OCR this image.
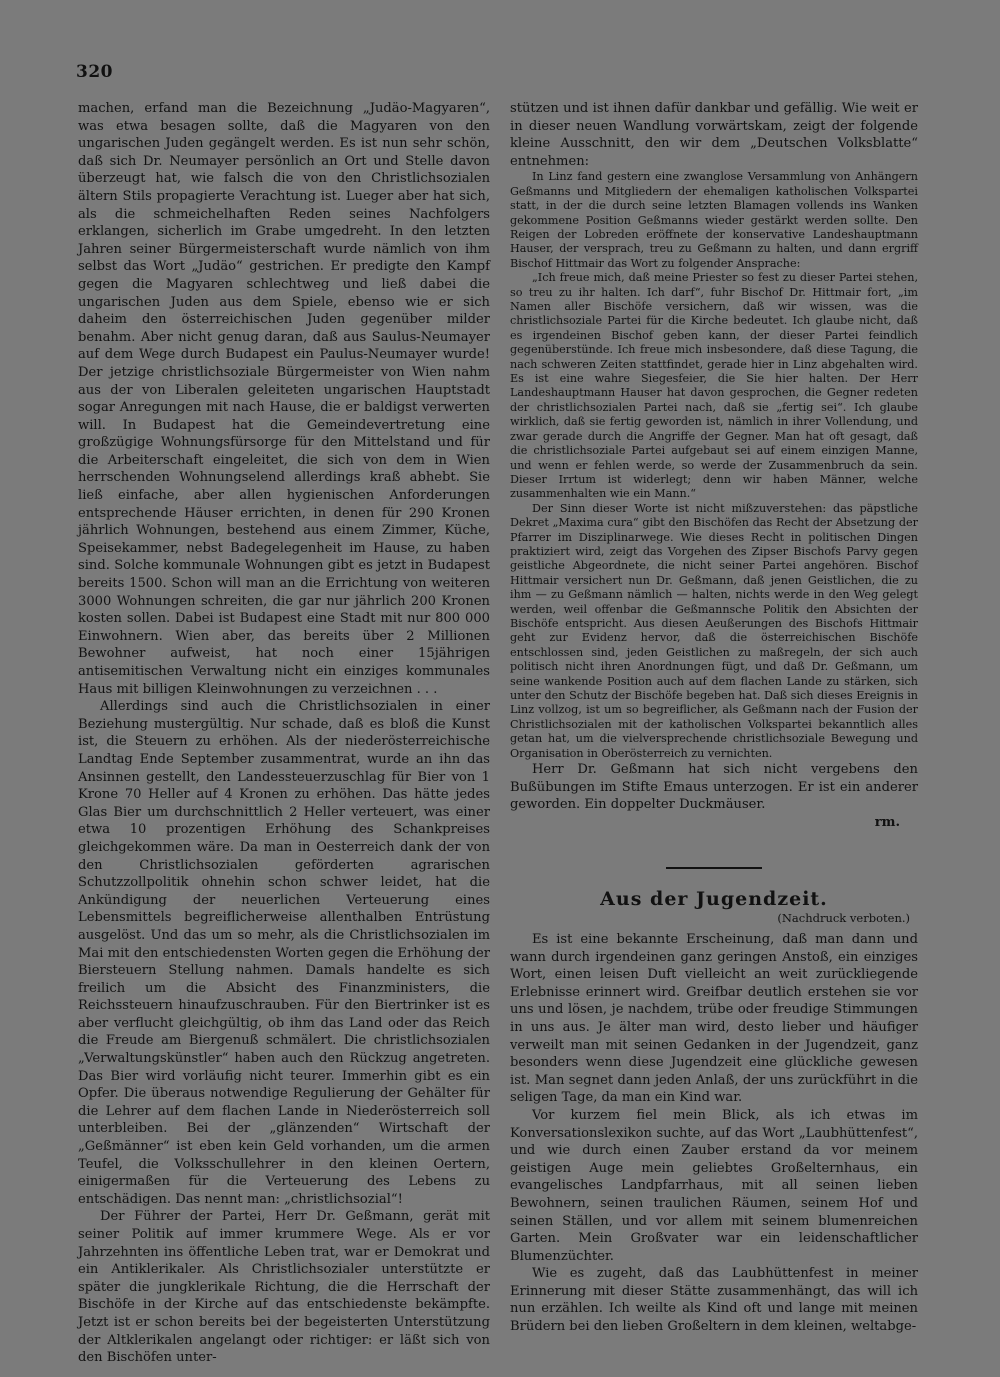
320

machen, erfand man die Bezeichnung „Judäo-Magyaren“, was etwa besagen sollte, daß die Magyaren von den ungarischen Juden gegängelt werden. Es ist nun sehr schön, daß sich Dr. Neumayer persönlich an Ort und Stelle davon überzeugt hat, wie falsch die von den Christlichsozialen ältern Stils propagierte Verachtung ist. Lueger aber hat sich, als die schmeichelhaften Reden seines Nachfolgers erklangen, sicherlich im Grabe umgedreht. In den letzten Jahren seiner Bürgermeisterschaft wurde nämlich von ihm selbst das Wort „Judäo“ gestrichen. Er predigte den Kampf gegen die Magyaren schlechtweg und ließ dabei die ungarischen Juden aus dem Spiele, ebenso wie er sich daheim den österreichischen Juden gegenüber milder benahm. Aber nicht genug daran, daß aus Saulus-Neumayer auf dem Wege durch Budapest ein Paulus-Neumayer wurde! Der jetzige christlichsoziale Bürgermeister von Wien nahm aus der von Liberalen geleiteten ungarischen Hauptstadt sogar Anregungen mit nach Hause, die er baldigst verwerten will. In Budapest hat die Gemeindevertretung eine großzügige Wohnungsfürsorge für den Mittelstand und für die Arbeiterschaft eingeleitet, die sich von dem in Wien herrschenden Wohnungselend allerdings kraß abhebt. Sie ließ einfache, aber allen hygienischen Anforderungen entsprechende Häuser errichten, in denen für 290 Kronen jährlich Wohnungen, bestehend aus einem Zimmer, Küche, Speisekammer, nebst Badegelegenheit im Hause, zu haben sind. Solche kommunale Wohnungen gibt es jetzt in Budapest bereits 1500. Schon will man an die Errichtung von weiteren 3000 Wohnungen schreiten, die gar nur jährlich 200 Kronen kosten sollen. Dabei ist Budapest eine Stadt mit nur 800 000 Einwohnern. Wien aber, das bereits über 2 Millionen Bewohner aufweist, hat noch einer 15jährigen antisemitischen Verwaltung nicht ein einziges kommunales Haus mit billigen Kleinwohnungen zu verzeichnen . . .

Allerdings sind auch die Christlichsozialen in einer Beziehung mustergültig. Nur schade, daß es bloß die Kunst ist, die Steuern zu erhöhen. Als der niederösterreichische Landtag Ende September zusammentrat, wurde an ihn das Ansinnen gestellt, den Landessteuerzuschlag für Bier von 1 Krone 70 Heller auf 4 Kronen zu erhöhen. Das hätte jedes Glas Bier um durchschnittlich 2 Heller verteuert, was einer etwa 10 prozentigen Erhöhung des Schankpreises gleichgekommen wäre. Da man in Oesterreich dank der von den Christlichsozialen geförderten agrarischen Schutzzollpolitik ohnehin schon schwer leidet, hat die Ankündigung der neuerlichen Verteuerung eines Lebensmittels begreiflicherweise allenthalben Entrüstung ausgelöst. Und das um so mehr, als die Christlichsozialen im Mai mit den entschiedensten Worten gegen die Erhöhung der Biersteuern Stellung nahmen. Damals handelte es sich freilich um die Absicht des Finanzministers, die Reichssteuern hinaufzuschrauben. Für den Biertrinker ist es aber verflucht gleichgültig, ob ihm das Land oder das Reich die Freude am Biergenuß schmälert. Die christlichsozialen „Verwaltungskünstler“ haben auch den Rückzug angetreten. Das Bier wird vorläufig nicht teurer. Immerhin gibt es ein Opfer. Die überaus notwendige Regulierung der Gehälter für die Lehrer auf dem flachen Lande in Niederösterreich soll unterbleiben. Bei der „glänzenden“ Wirtschaft der „Geßmänner“ ist eben kein Geld vorhanden, um die armen Teufel, die Volksschullehrer in den kleinen Oertern, einigermaßen für die Verteuerung des Lebens zu entschädigen. Das nennt man: „christlichsozial“!

Der Führer der Partei, Herr Dr. Geßmann, gerät mit seiner Politik auf immer krummere Wege. Als er vor Jahrzehnten ins öffentliche Leben trat, war er Demokrat und ein Antiklerikaler. Als Christlichsozialer unterstützte er später die jungklerikale Richtung, die die Herrschaft der Bischöfe in der Kirche auf das entschiedenste bekämpfte. Jetzt ist er schon bereits bei der begeisterten Unterstützung der Altklerikalen angelangt oder richtiger: er läßt sich von den Bischöfen unter-

stützen und ist ihnen dafür dankbar und gefällig. Wie weit er in dieser neuen Wandlung vorwärtskam, zeigt der folgende kleine Ausschnitt, den wir dem „Deutschen Volksblatte“ entnehmen:

In Linz fand gestern eine zwanglose Versammlung von Anhängern Geßmanns und Mitgliedern der ehemaligen katholischen Volkspartei statt, in der die durch seine letzten Blamagen vollends ins Wanken gekommene Position Geßmanns wieder gestärkt werden sollte. Den Reigen der Lobreden eröffnete der konservative Landeshauptmann Hauser, der versprach, treu zu Geßmann zu halten, und dann ergriff Bischof Hittmair das Wort zu folgender Ansprache:

„Ich freue mich, daß meine Priester so fest zu dieser Partei stehen, so treu zu ihr halten. Ich darf“, fuhr Bischof Dr. Hittmair fort, „im Namen aller Bischöfe versichern, daß wir wissen, was die christlichsoziale Partei für die Kirche bedeutet. Ich glaube nicht, daß es irgendeinen Bischof geben kann, der dieser Partei feindlich gegenüberstünde. Ich freue mich insbesondere, daß diese Tagung, die nach schweren Zeiten stattfindet, gerade hier in Linz abgehalten wird. Es ist eine wahre Siegesfeier, die Sie hier halten. Der Herr Landeshauptmann Hauser hat davon gesprochen, die Gegner redeten der christlichsozialen Partei nach, daß sie „fertig sei“. Ich glaube wirklich, daß sie fertig geworden ist, nämlich in ihrer Vollendung, und zwar gerade durch die Angriffe der Gegner. Man hat oft gesagt, daß die christlichsoziale Partei aufgebaut sei auf einem einzigen Manne, und wenn er fehlen werde, so werde der Zusammenbruch da sein. Dieser Irrtum ist widerlegt; denn wir haben Männer, welche zusammenhalten wie ein Mann.“

Der Sinn dieser Worte ist nicht mißzuverstehen: das päpstliche Dekret „Maxima cura“ gibt den Bischöfen das Recht der Absetzung der Pfarrer im Disziplinarwege. Wie dieses Recht in politischen Dingen praktiziert wird, zeigt das Vorgehen des Zipser Bischofs Parvy gegen geistliche Abgeordnete, die nicht seiner Partei angehören. Bischof Hittmair versichert nun Dr. Geßmann, daß jenen Geistlichen, die zu ihm — zu Geßmann nämlich — halten, nichts werde in den Weg gelegt werden, weil offenbar die Geßmannsche Politik den Absichten der Bischöfe entspricht. Aus diesen Aeußerungen des Bischofs Hittmair geht zur Evidenz hervor, daß die österreichischen Bischöfe entschlossen sind, jeden Geistlichen zu maßregeln, der sich auch politisch nicht ihren Anordnungen fügt, und daß Dr. Geßmann, um seine wankende Position auch auf dem flachen Lande zu stärken, sich unter den Schutz der Bischöfe begeben hat. Daß sich dieses Ereignis in Linz vollzog, ist um so begreiflicher, als Geßmann nach der Fusion der Christlichsozialen mit der katholischen Volkspartei bekanntlich alles getan hat, um die vielversprechende christlichsoziale Bewegung und Organisation in Oberösterreich zu vernichten.

Herr Dr. Geßmann hat sich nicht vergebens den Bußübungen im Stifte Emaus unterzogen. Er ist ein anderer geworden. Ein doppelter Duckmäuser.

rm.
Aus der Jugendzeit.
(Nachdruck verboten.)

Es ist eine bekannte Erscheinung, daß man dann und wann durch irgendeinen ganz geringen Anstoß, ein einziges Wort, einen leisen Duft vielleicht an weit zurückliegende Erlebnisse erinnert wird. Greifbar deutlich erstehen sie vor uns und lösen, je nachdem, trübe oder freudige Stimmungen in uns aus. Je älter man wird, desto lieber und häufiger verweilt man mit seinen Gedanken in der Jugendzeit, ganz besonders wenn diese Jugendzeit eine glückliche gewesen ist. Man segnet dann jeden Anlaß, der uns zurückführt in die seligen Tage, da man ein Kind war.

Vor kurzem fiel mein Blick, als ich etwas im Konversationslexikon suchte, auf das Wort „Laubhüttenfest“, und wie durch einen Zauber erstand da vor meinem geistigen Auge mein geliebtes Großelternhaus, ein evangelisches Landpfarrhaus, mit all seinen lieben Bewohnern, seinen traulichen Räumen, seinem Hof und seinen Ställen, und vor allem mit seinem blumenreichen Garten. Mein Großvater war ein leidenschaftlicher Blumenzüchter.

Wie es zugeht, daß das Laubhüttenfest in meiner Erinnerung mit dieser Stätte zusammenhängt, das will ich nun erzählen. Ich weilte als Kind oft und lange mit meinen Brüdern bei den lieben Großeltern in dem kleinen, weltabge-
